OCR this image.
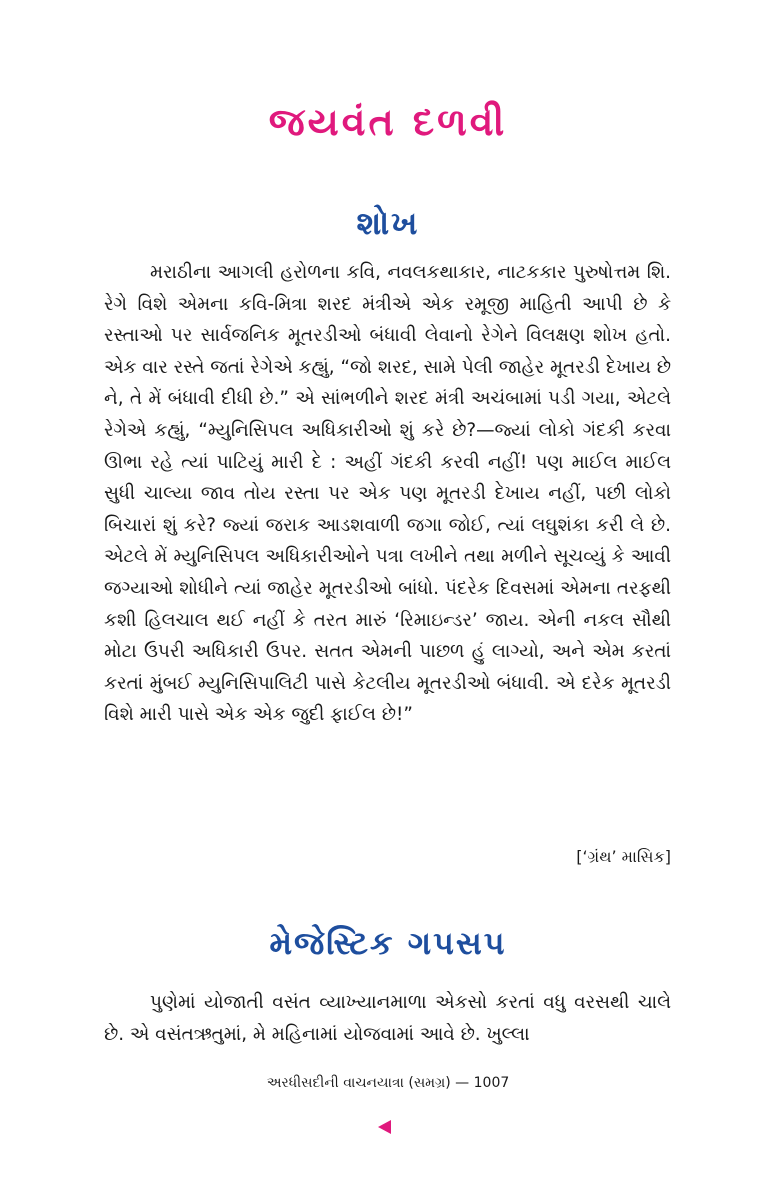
જયવંત દળવી
શોખ

મરાઠીના આગલી હરોળના કવિ, નવલકથાકાર, નાટકકાર પુરુષોત્તમ શિ. રેગે વિશે એમના કવિ-મિત્રા શરદ મંત્રીએ એક રમૂજી માહિતી આપી છે કે રસ્તાઓ પર સાર્વજનિક મૂતરડીઓ બંધાવી લેવાનો રેગેને વિલક્ષણ શોખ હતો. એક વાર રસ્તે જતાં રેગેએ કહ્યું, “જો શરદ, સામે પેલી જાહેર મૂતરડી દેખાય છે ને, તે મેં બંધાવી દીધી છે.” એ સાંભળીને શરદ મંત્રી અચંબામાં પડી ગયા, એટલે રેગેએ કહ્યું, “મ્યુનિસિપલ અધિકારીઓ શું કરે છે?—જ્યાં લોકો ગંદકી કરવા ઊભા રહે ત્યાં પાટિયું મારી દે : અહીં ગંદકી કરવી નહીં! પણ માઈલ માઈલ સુધી ચાલ્યા જાવ તોય રસ્તા પર એક પણ મૂતરડી દેખાય નહીં, પછી લોકો બિચારાં શું કરે? જ્યાં જરાક આડશવાળી જગા જોઈ, ત્યાં લઘુશંકા કરી લે છે. એટલે મેં મ્યુનિસિપલ અધિકારીઓને પત્રા લખીને તથા મળીને સૂચવ્યું કે આવી જગ્યાઓ શોધીને ત્યાં જાહેર મૂતરડીઓ બાંધો. પંદરેક દિવસમાં એમના તરફથી કશી હિલચાલ થઈ નહીં કે તરત મારું ‘રિમાઇન્ડર’ જાય. એની નકલ સૌથી મોટા ઉપરી અધિકારી ઉપર. સતત એમની પાછળ હું લાગ્યો, અને એમ કરતાં કરતાં મુંબઈ મ્યુનિસિપાલિટી પાસે કેટલીય મૂતરડીઓ બંધાવી. એ દરેક મૂતરડી વિશે મારી પાસે એક એક જુદી ફાઈલ છે!”

[‘ગ્રંથ’ માસિક]
મેજેસ્ટિક ગપસપ

પુણેમાં યોજાતી વસંત વ્યાખ્યાનમાળા એકસો કરતાં વધુ વરસથી ચાલે છે. એ વસંતઋતુમાં, મે મહિનામાં યોજવામાં આવે છે. ખુલ્લા

અરધીસદીની વાચનયાત્રા (સમગ્ર) — 1007
